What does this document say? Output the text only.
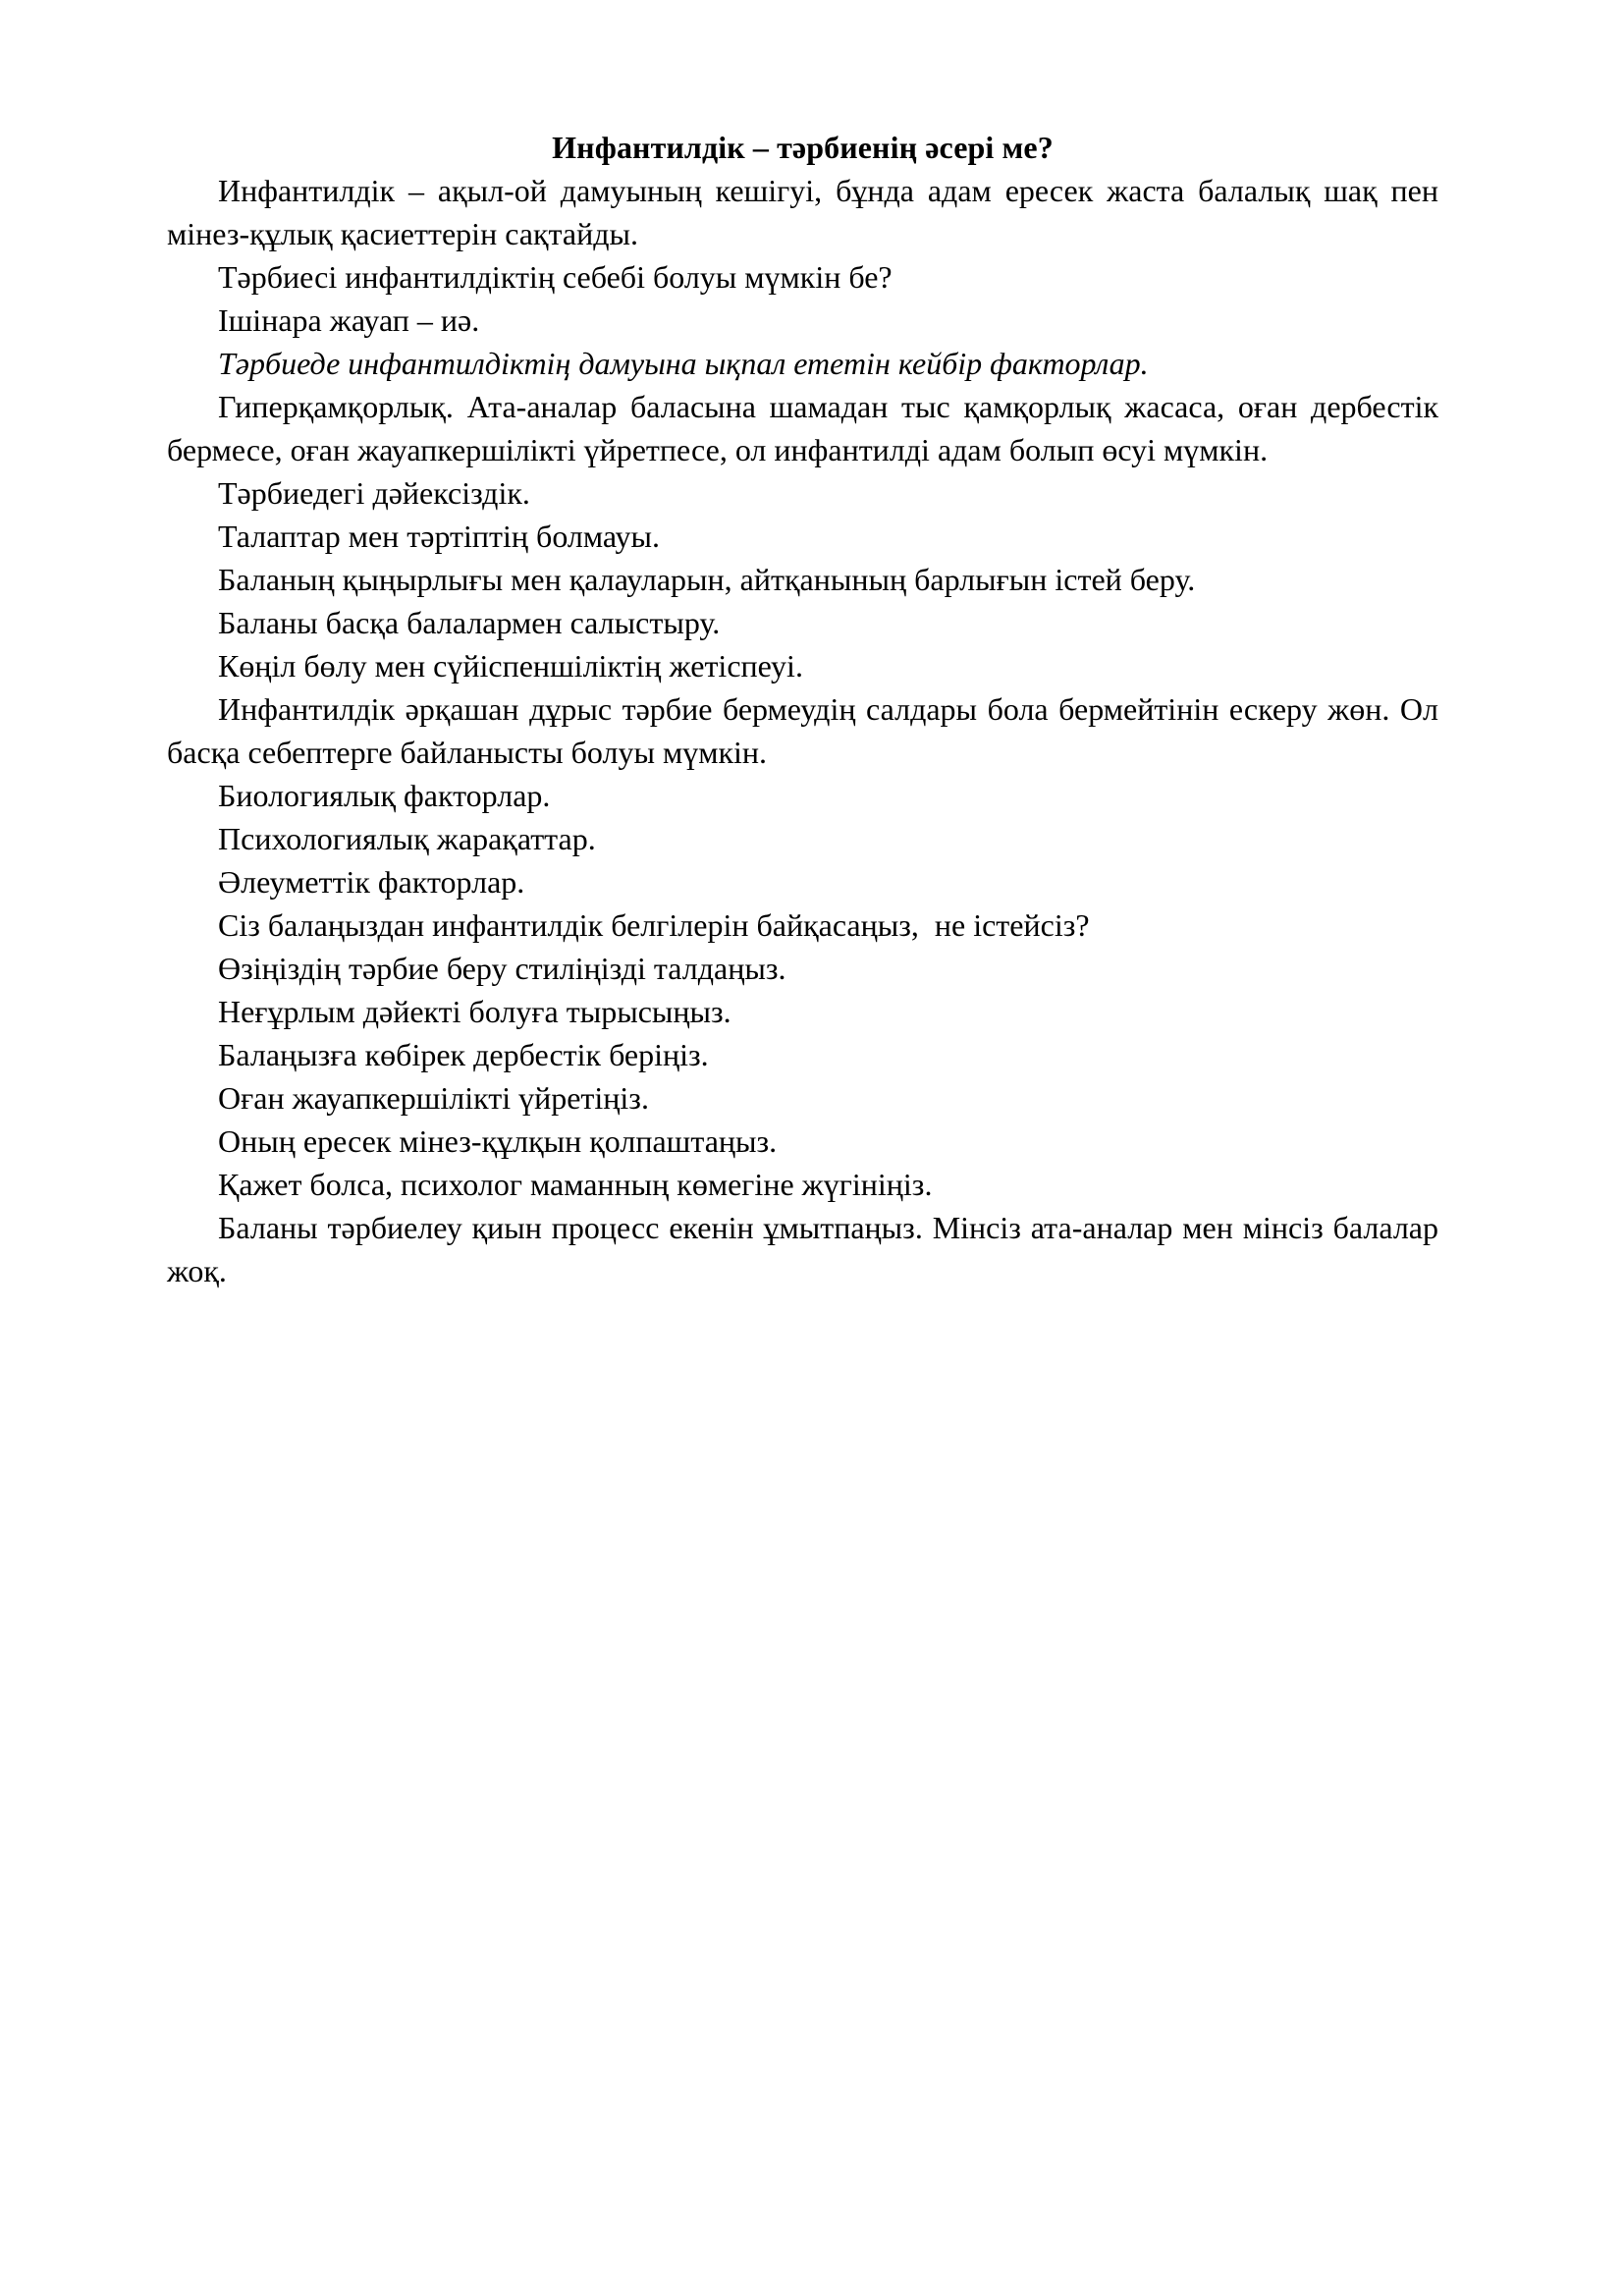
Инфантилдік – тәрбиенің әсері ме?

Инфантилдік – ақыл-ой дамуының кешігуі, бұнда адам ересек жаста балалық шақ пен мінез-құлық қасиеттерін сақтайды.

Тәрбиесі инфантилдіктің себебі болуы мүмкін бе?

Ішінара жауап – иә.

Тәрбиеде инфантилдіктің дамуына ықпал ететін кейбір факторлар.

Гиперқамқорлық. Ата-аналар баласына шамадан тыс қамқорлық жасаса, оған дербестік бермесе, оған жауапкершілікті үйретпесе, ол инфантилді адам болып өсуі мүмкін.

Тәрбиедегі дәйексіздік.

Талаптар мен тәртіптің болмауы.

Баланың қыңырлығы мен қалауларын, айтқанының барлығын істей беру.

Баланы басқа балалармен салыстыру.

Көңіл бөлу мен сүйіспеншіліктің жетіспеуі.

Инфантилдік әрқашан дұрыс тәрбие бермеудің салдары бола бермейтінін ескеру жөн. Ол басқа себептерге байланысты болуы мүмкін.

Биологиялық факторлар.

Психологиялық жарақаттар.

Әлеуметтік факторлар.

Сіз балаңыздан инфантилдік белгілерін байқасаңыз,  не істейсіз?

Өзіңіздің тәрбие беру стиліңізді талдаңыз.

Неғұрлым дәйекті болуға тырысыңыз.

Балаңызға көбірек дербестік беріңіз.

Оған жауапкершілікті үйретіңіз.

Оның ересек мінез-құлқын қолпаштаңыз.

Қажет болса, психолог маманның көмегіне жүгініңіз.

Баланы тәрбиелеу қиын процесс екенін ұмытпаңыз. Мінсіз ата-аналар мен мінсіз балалар жоқ.
